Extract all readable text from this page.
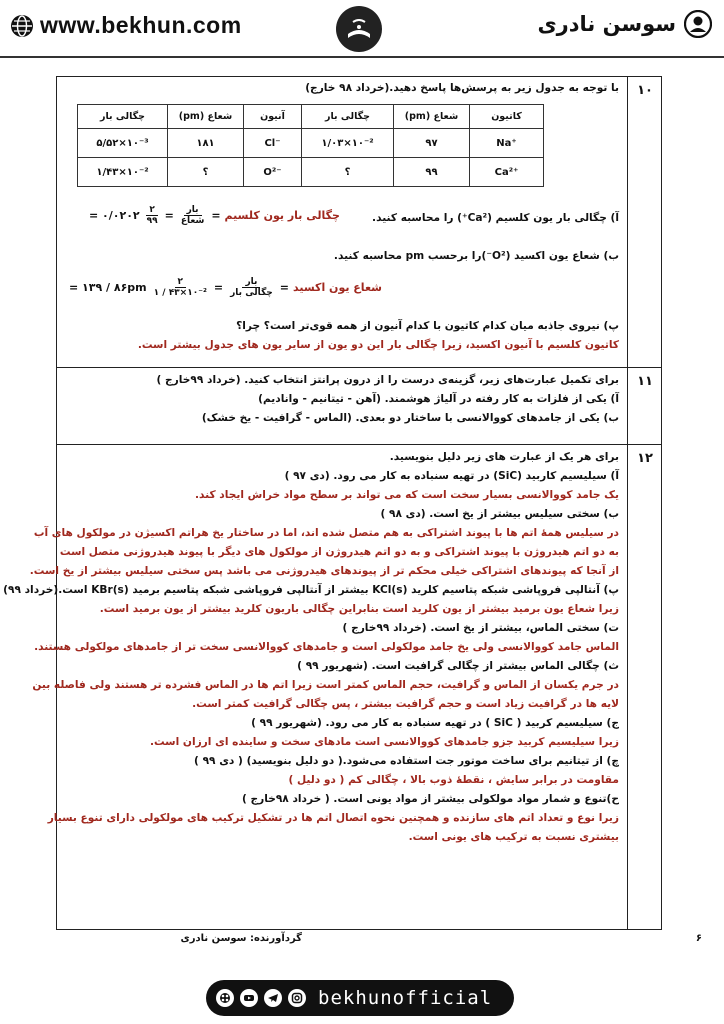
www.bekhun.com	سوسن نادری
۱۰
۱۱
۱۲
با توجه به جدول زیر به پرسش‌ها پاسخ دهید.(خرداد ۹۸ خارج)
کاتیون	شعاع (pm)	چگالی بار	آنیون	شعاع (pm)	چگالی بار
Na⁺	۹۷	۱/۰۳×۱۰⁻²	Cl⁻	۱۸۱	۵/۵۲×۱۰⁻³
Ca²⁺	۹۹	؟	O²⁻	؟	۱/۴۳×۱۰⁻²
آ) چگالی بار یون کلسیم (Ca²⁺) را محاسبه کنید.
= ۰/۰۲۰۲ $\frac{۲}{۹۹} = \frac{\text{بار}}{\text{شعاع}}$ = چگالی بار یون کلسیم
ب) شعاع یون اکسید (O²⁻)را برحسب pm محاسبه کنید.
= ۱۳۹ / ۸۶pm $\frac{۲}{\text{۱ / ۴۳×۱۰⁻²}} = \frac{\text{بار}}{\text{چگالی بار}}$ = شعاع یون اکسید
پ) نیروی جاذبه میان کدام کاتیون با کدام آنیون از همه قوی‌تر است؟ چرا؟
کاتیون کلسیم با آنیون اکسید، زیرا چگالی بار این دو یون از سایر یون های جدول بیشتر است.
برای تکمیل عبارت‌های زیر، گزینه‌ی درست را از درون پرانتز انتخاب کنید. (خرداد ۹۹خارج )
آ) یکی از فلزات به کار رفته در آلیاژ هوشمند. (آهن - تیتانیم - وانادیم)
ب) یکی از جامدهای کووالانسی با ساختار دو بعدی. (الماس - گرافیت - یخ خشک)
برای هر یک از عبارت های زیر دلیل بنویسید.
آ) سیلیسیم کاربید (SiC) در تهیه سنباده به کار می رود. (دی ۹۷ )
یک جامد کووالانسی بسیار سخت است که می تواند بر سطح مواد خراش ایجاد کند.
ب) سختی سیلیس بیشتر از یخ است. (دی ۹۸ )
در سیلیس همهٔ اتم ها با پیوند اشتراکی به هم متصل شده اند، اما در ساختار یخ هراتم اکسیژن در مولکول های آب
به دو اتم هیدروژن با پیوند اشتراکی و به دو اتم هیدروژن از مولکول های دیگر با پیوند هیدروژنی متصل است
از آنجا که پیوندهای اشتراکی خیلی محکم تر از پیوندهای هیدروژنی می باشد پس سختی سیلیس بیشتر از یخ است.
پ) آنتالپی فروپاشی شبکه پتاسیم کلرید (KCl(s بیشتر از آنتالپی فروپاشی شبکه پتاسیم برمید (KBr(s است.(خرداد ۹۹)
زیرا شعاع یون برمید بیشتر از یون کلرید است بنابراین چگالی باریون کلرید بیشتر از یون برمید است.
ت) سختی الماس، بیشتر از یخ است. (خرداد ۹۹خارج )
الماس جامد کووالانسی ولی یخ جامد مولکولی است و جامدهای کووالانسی سخت تر از جامدهای مولکولی هستند.
ث) چگالی الماس بیشتر از چگالی گرافیت است. (شهریور ۹۹ )
در جرم یکسان از الماس و گرافیت، حجم الماس کمتر است زیرا اتم ها در الماس فشرده تر هستند ولی فاصله بین
لایه ها در گرافیت زیاد است و حجم گرافیت بیشتر ، پس چگالی گرافیت کمتر است.
ج) سیلیسیم کربید ( SiC ) در تهیه سنباده به کار می رود. (شهریور ۹۹ )
زیرا سیلیسیم کربید جزو جامدهای کووالانسی است مادهای سخت و ساینده ای ارزان است.
چ) از تیتانیم برای ساخت موتور جت استفاده می‌شود.( دو دلیل بنویسید) ( دی ۹۹ )
مقاومت در برابر سایش ، نقطهٔ ذوب بالا ، چگالی کم ( دو دلیل )
ح)تنوع و شمار مواد مولکولی بیشتر از مواد یونی است. ( خرداد ۹۸خارج )
زیرا نوع و تعداد اتم های سازنده و همچنین نحوه اتصال اتم ها در تشکیل ترکیب های مولکولی دارای تنوع بسیار
بیشتری نسبت به ترکیب های یونی است.
۶
گردآورنده: سوسن نادری
bekhunofficial
